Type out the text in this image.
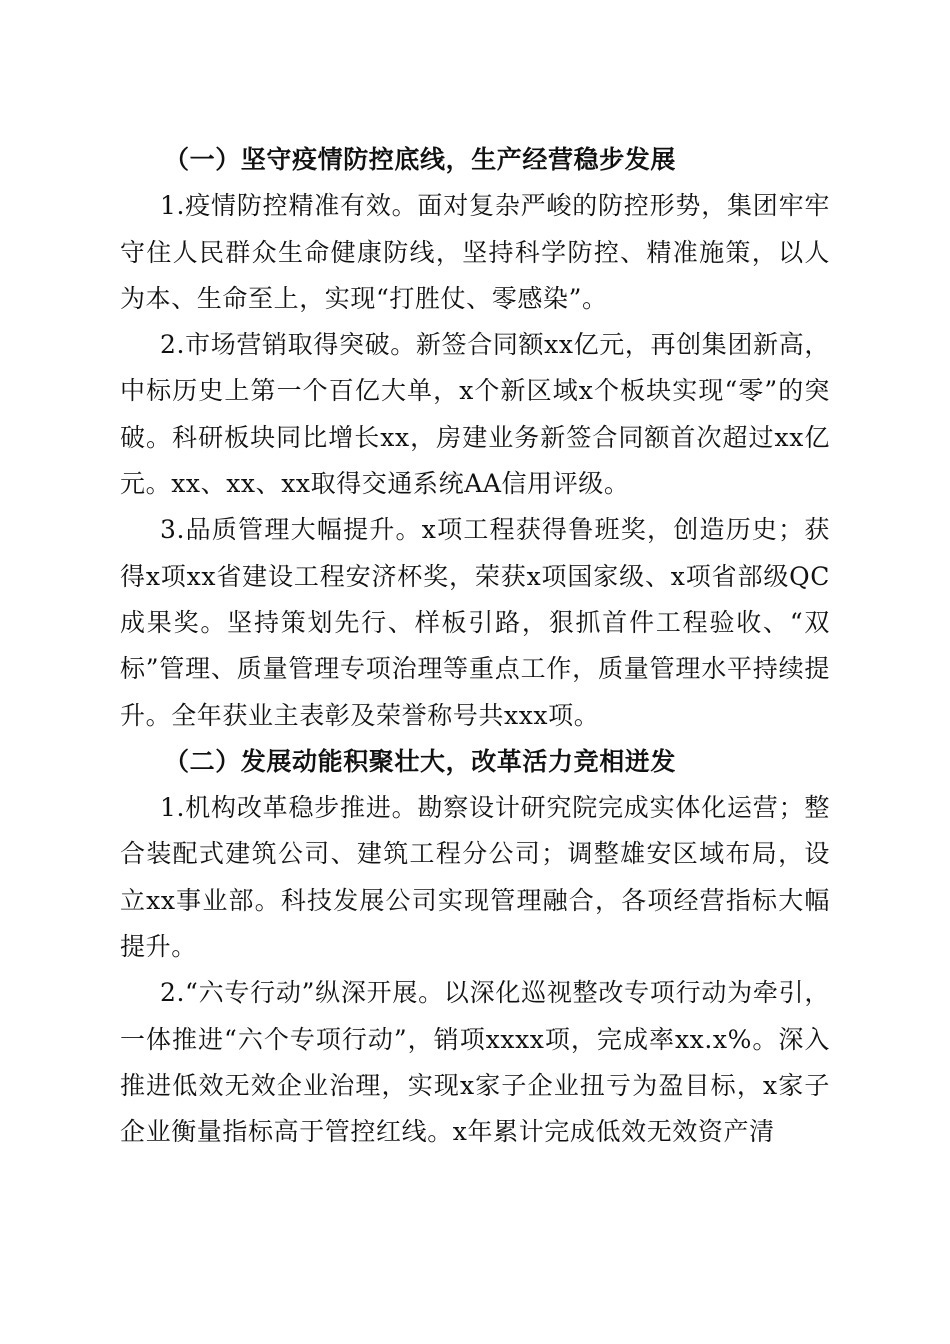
（一）坚守疫情防控底线，生产经营稳步发展

1.疫情防控精准有效。面对复杂严峻的防控形势，集团牢牢守住人民群众生命健康防线，坚持科学防控、精准施策，以人为本、生命至上，实现“打胜仗、零感染”。

2.市场营销取得突破。新签合同额xx亿元，再创集团新高，中标历史上第一个百亿大单，x个新区域x个板块实现“零”的突破。科研板块同比增长xx，房建业务新签合同额首次超过xx亿元。xx、xx、xx取得交通系统AA信用评级。

3.品质管理大幅提升。x项工程获得鲁班奖，创造历史；获得x项xx省建设工程安济杯奖，荣获x项国家级、x项省部级QC成果奖。坚持策划先行、样板引路，狠抓首件工程验收、“双标”管理、质量管理专项治理等重点工作，质量管理水平持续提升。全年获业主表彰及荣誉称号共xxx项。

（二）发展动能积聚壮大，改革活力竞相迸发

1.机构改革稳步推进。勘察设计研究院完成实体化运营；整合装配式建筑公司、建筑工程分公司；调整雄安区域布局，设立xx事业部。科技发展公司实现管理融合，各项经营指标大幅提升。

2.“六专行动”纵深开展。以深化巡视整改专项行动为牵引，一体推进“六个专项行动”，销项xxxx项，完成率xx.x%。深入推进低效无效企业治理，实现x家子企业扭亏为盈目标，x家子企业衡量指标高于管控红线。x年累计完成低效无效资产清
